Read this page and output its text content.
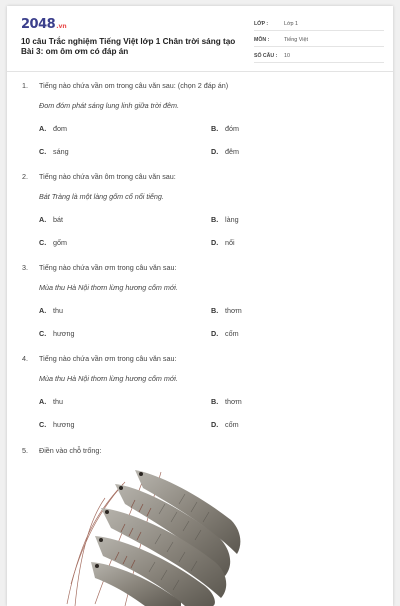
2048.vn
10 câu Trắc nghiệm Tiếng Việt lớp 1 Chân trời sáng tạo Bài 3: om ôm ơm có đáp án
LỚP :	Lớp 1
MÔN :	Tiếng Việt
SỐ CÂU :	10
1. Tiếng nào chứa vần om trong câu văn sau: (chọn 2 đáp án)
Đom đóm phát sáng lung linh giữa trời đêm.
A. đom	B. đóm
C. sáng	D. đêm
2. Tiếng nào chứa vần ôm trong câu văn sau:
Bát Tràng là một làng gốm cổ nổi tiếng.
A. bát	B. làng
C. gốm	D. nổi
3. Tiếng nào chứa vần ơm trong câu văn sau:
Mùa thu Hà Nội thơm lừng hương cốm mới.
A. thu	B. thơm
C. hương	D. cốm
4. Tiếng nào chứa vần ơm trong câu văn sau:
Mùa thu Hà Nội thơm lừng hương cốm mới.
A. thu	B. thơm
C. hương	D. cốm
5. Điền vào chỗ trống:
